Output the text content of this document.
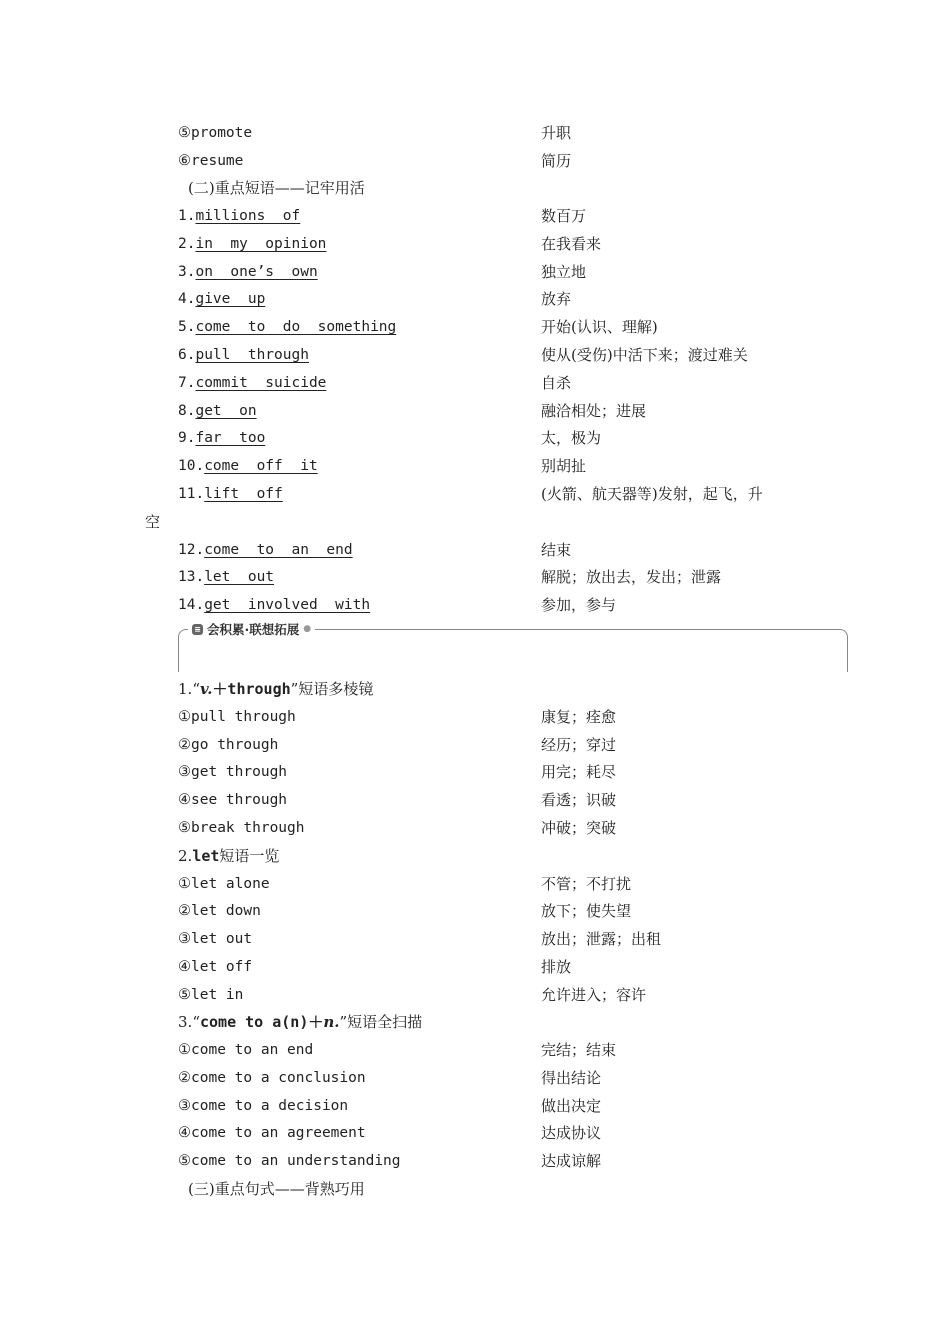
⑤promote	升职
⑥resume	简历
(二)重点短语——记牢用活
1.millions  of	数百万
2.in  my  opinion	在我看来
3.on  one’s  own	独立地
4.give  up	放弃
5.come  to  do  something	开始(认识、理解)
6.pull  through	使从(受伤)中活下来；渡过难关
7.commit  suicide	自杀
8.get  on	融洽相处；进展
9.far  too	太，极为
10.come  off  it	别胡扯
11.lift  off	(火箭、航天器等)发射，起飞，升
空
12.come  to  an  end	结束
13.let  out	解脱；放出去，发出；泄露
14.get  involved  with	参加，参与
≡ 会积累·联想拓展 ●
1.“v.＋through”短语多棱镜
①pull through	康复；痊愈
②go through	经历；穿过
③get through	用完；耗尽
④see through	看透；识破
⑤break through	冲破；突破
2.let短语一览
①let alone	不管；不打扰
②let down	放下；使失望
③let out	放出；泄露；出租
④let off	排放
⑤let in	允许进入；容许
3.“come to a(n)＋n.”短语全扫描
①come to an end	完结；结束
②come to a conclusion	得出结论
③come to a decision	做出决定
④come to an agreement	达成协议
⑤come to an understanding	达成谅解
(三)重点句式——背熟巧用
